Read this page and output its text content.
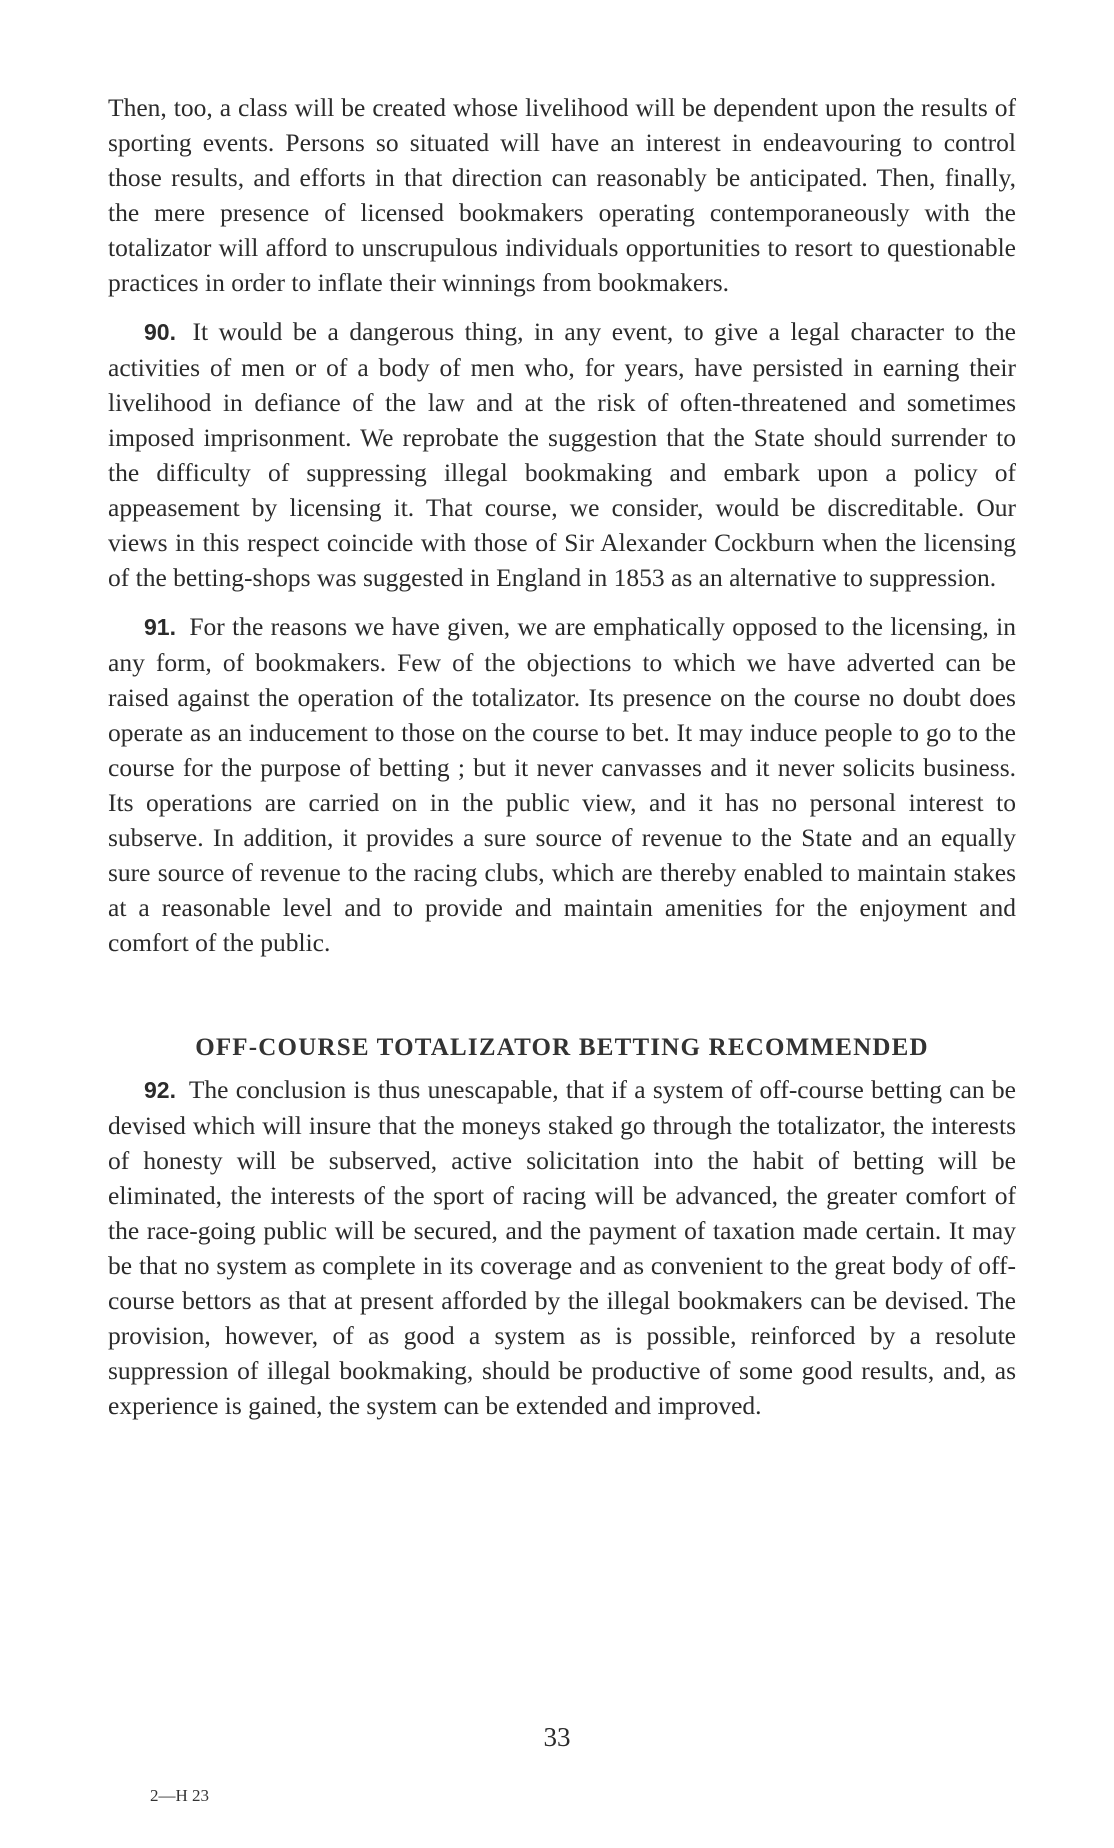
Then, too, a class will be created whose livelihood will be dependent upon the results of sporting events. Persons so situated will have an interest in endeavouring to control those results, and efforts in that direction can reasonably be anticipated. Then, finally, the mere presence of licensed bookmakers operating contemporaneously with the totalizator will afford to unscrupulous individuals opportunities to resort to questionable practices in order to inflate their winnings from bookmakers.

90. It would be a dangerous thing, in any event, to give a legal character to the activities of men or of a body of men who, for years, have persisted in earning their livelihood in defiance of the law and at the risk of often-threatened and sometimes imposed imprisonment. We reprobate the suggestion that the State should surrender to the difficulty of suppressing illegal bookmaking and embark upon a policy of appeasement by licensing it. That course, we consider, would be discreditable. Our views in this respect coincide with those of Sir Alexander Cockburn when the licensing of the betting-shops was suggested in England in 1853 as an alternative to suppression.

91. For the reasons we have given, we are emphatically opposed to the licensing, in any form, of bookmakers. Few of the objections to which we have adverted can be raised against the operation of the totalizator. Its presence on the course no doubt does operate as an inducement to those on the course to bet. It may induce people to go to the course for the purpose of betting ; but it never canvasses and it never solicits business. Its operations are carried on in the public view, and it has no personal interest to subserve. In addition, it provides a sure source of revenue to the State and an equally sure source of revenue to the racing clubs, which are thereby enabled to maintain stakes at a reasonable level and to provide and maintain amenities for the enjoyment and comfort of the public.

OFF-COURSE TOTALIZATOR BETTING RECOMMENDED

92. The conclusion is thus unescapable, that if a system of off-course betting can be devised which will insure that the moneys staked go through the totalizator, the interests of honesty will be subserved, active solicitation into the habit of betting will be eliminated, the interests of the sport of racing will be advanced, the greater comfort of the race-going public will be secured, and the payment of taxation made certain. It may be that no system as complete in its coverage and as convenient to the great body of off-course bettors as that at present afforded by the illegal bookmakers can be devised. The provision, however, of as good a system as is possible, reinforced by a resolute suppression of illegal bookmaking, should be productive of some good results, and, as experience is gained, the system can be extended and improved.

33
2—H 23
